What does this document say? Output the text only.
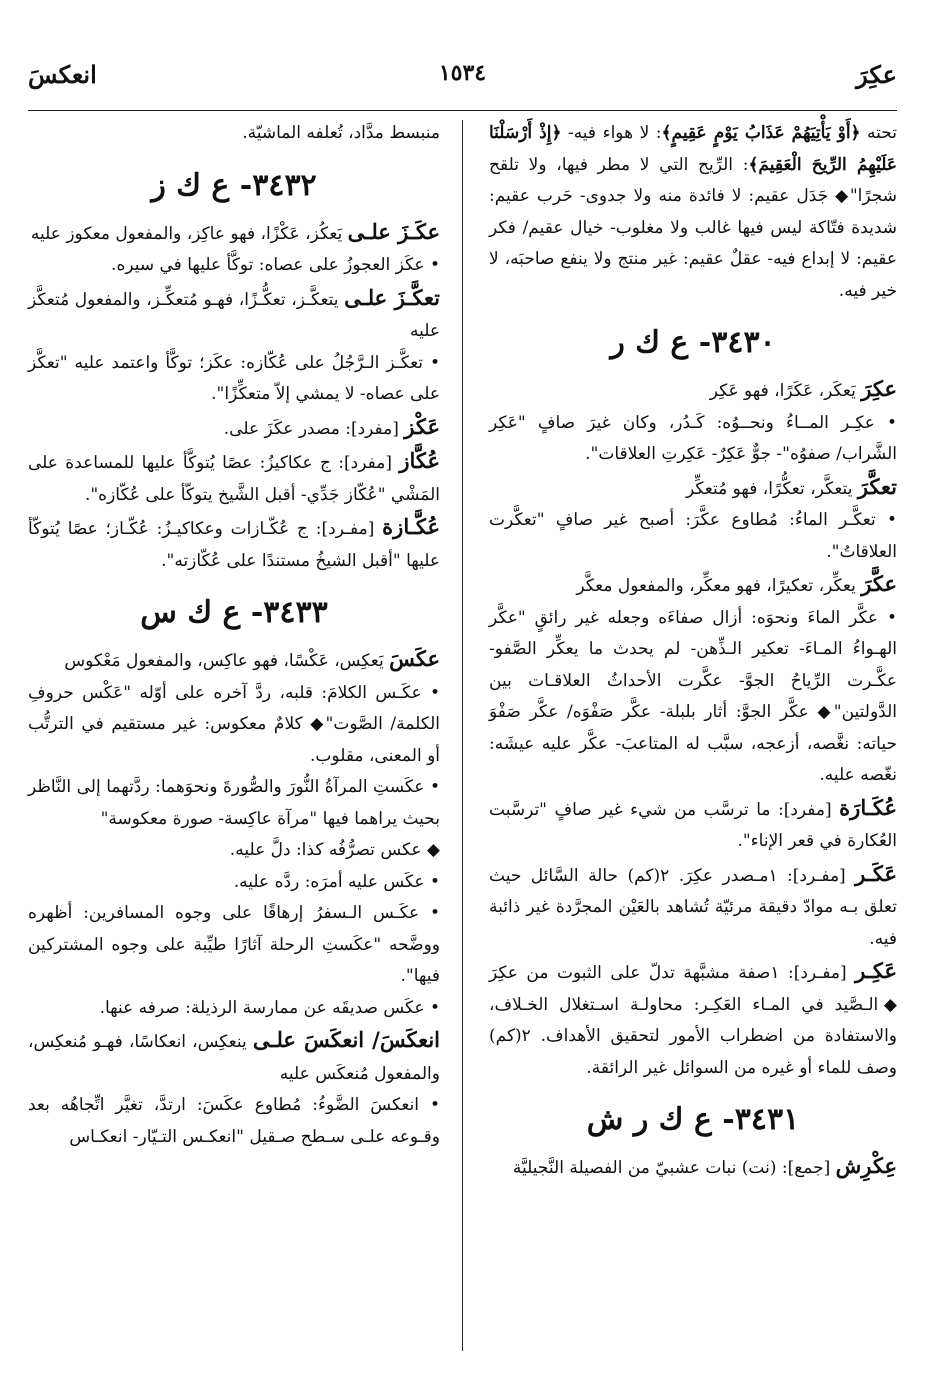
عكِرَ
١٥٣٤
انعكسَ

تحته ﴿أَوْ يَأْتِيَهُمْ عَذَابُ يَوْمٍ عَقِيمٍ﴾: لا هواء فيه- ﴿إِذْ أَرْسَلْنَا عَلَيْهِمُ الرِّيحَ الْعَقِيمَ﴾: الرِّيح التي لا مطر فيها، ولا تلقح شجرًا"◆ جَدَل عقيم: لا فائدة منه ولا جدوى- حَرب عقيم: شديدة فتّاكة ليس فيها غالب ولا مغلوب- خيال عقيم/ فكر عقيم: لا إبداع فيه- عقلٌ عقيم: غير منتج ولا ينفع صاحبَه، لا خير فيه.

٣٤٣٠- ع ك ر

عكِرَ يَعكَر، عَكَرًا، فهو عَكِر

• عكِـر المــاءُ ونحــوُه: كَـدُر، وكان غيرَ صافٍ "عَكِر الشَّراب/ صفوُه"- جوٌّ عَكِرٌ- عَكِرتِ العلاقات".

تعكَّرَ يتعكَّر، تعكُّرًا، فهو مُتعكِّر

• تعكَّـر الماءُ: مُطاوع عكَّرَ: أصبح غير صافٍ "تعكَّرت العلاقاتُ".

عكَّرَ يعكِّر، تعكيرًا، فهو معكِّر، والمفعول معكَّر

• عكَّر الماءَ ونحوَه: أزال صفاءَه وجعله غير رائقٍ "عكَّر الهـواءُ المـاءَ- تعكير الـذِّهن- لم يحدث ما يعكِّر الصَّفو- عكَّـرت الرِّياحُ الجوَّ- عكَّرت الأحداثُ العلاقـات بين الدَّولتين"◆ عكَّر الجوَّ: أثار بلبلة- عكَّر صَفْوَه/ عكَّر صَفْوَ حياته: نغَّصه، أزعجه، سبَّب له المتاعبَ- عكَّر عليه عيشَه: نغّصه عليه.

عُكَـارَة [مفرد]: ما ترسَّب من شيء غير صافٍ "ترسَّبت العُكارة في قعر الإناء".

عَكَـر [مفـرد]: ١مـصدر عكِرَ. ٢(كم) حالة السَّائل حيث تعلق بـه موادّ دقيقة مرئيّة تُشاهد بالعَيْن المجرَّدة غير ذائبة فيه.

عَكِـر [مفـرد]: ١صفة مشبَّهة تدلّ على الثبوت من عكِرَ ◆الـصَّيد في المـاء العَكِـر: محاولـة اسـتغلال الخـلاف، والاستفادة من اضطراب الأمور لتحقيق الأهداف. ٢(كم) وصف للماء أو غيره من السوائل غير الرائقة.

٣٤٣١- ع ك ر ش

عِكْرِش [جمع]: (نت) نبات عشبيّ من الفصيلة النَّجيليَّة

منبسط مدَّاد، تُعلفه الماشيّة.

٣٤٣٢- ع ك ز

عكَـزَ علـى يَعكُز، عَكْزًا، فهو عاكِز، والمفعول معكوز عليه

• عكَز العجوزُ على عصاه: توكَّأ عليها في سيره.

تعكَّـزَ علـى يتعكَّـز، تعكُّـزًا، فهـو مُتعكِّـز، والمفعول مُتعكَّز عليه

• تعكَّـز الـرَّجُلُ على عُكّازه: عكَز؛ توكَّأ واعتمد عليه "تعكَّز على عصاه- لا يمشي إلاّ متعكِّزًا".

عَكْز [مفرد]: مصدر عكَزَ على.

عُكَّاز [مفرد]: ج عكاكيزُ: عصًا يُتوكَّأ عليها للمساعدة على المَشْي "عُكّاز جَدِّي- أقبل الشَّيخ يتوكّأ على عُكّازه".

عُكَّـازة [مفـرد]: ج عُكّـازات وعكاكيـزُ: عُكّـاز؛ عصًا يُتوكّأ عليها "أقبل الشيخُ مستندًا على عُكّازته".

٣٤٣٣- ع ك س

عكَسَ يَعكِس، عَكْسًا، فهو عاكِس، والمفعول مَعْكوس

• عكَـس الكلامَ: قلبه، ردَّ آخره على أوّله "عَكْس حروفِ الكلمة/ الصَّوت"◆ كلامٌ معكوس: غير مستقيم في الترتُّب أو المعنى، مقلوب.

• عكَستِ المرآةُ النُّورَ والصُّورةَ ونحوَهما: ردَّتهما إلى النَّاظر بحيث يراهما فيها "مرآة عاكِسة- صورة معكوسة"

◆ عكس تصرُّفُه كذا: دلَّ عليه.

• عكَس عليه أمرَه: ردَّه عليه.

• عكَـس الـسفرُ إرهاقًا على وجوه المسافرين: أظهره ووضَّحه "عكَستِ الرحلة آثارًا طيِّبة على وجوه المشتركين فيها".

• عكَس صديقَه عن ممارسة الرذيلة: صرفه عنها.

انعكَسَ/ انعكَسَ علـى ينعكِس، انعكاسًا، فهـو مُنعكِس، والمفعول مُنعكَس عليه

• انعكسَ الضَّوءُ: مُطاوع عكَسَ: ارتدَّ، تغيَّر اتِّجاهُه بعد وقـوعه علـى سـطح صـقيل "انعكـس التـيّار- انعكـاس
